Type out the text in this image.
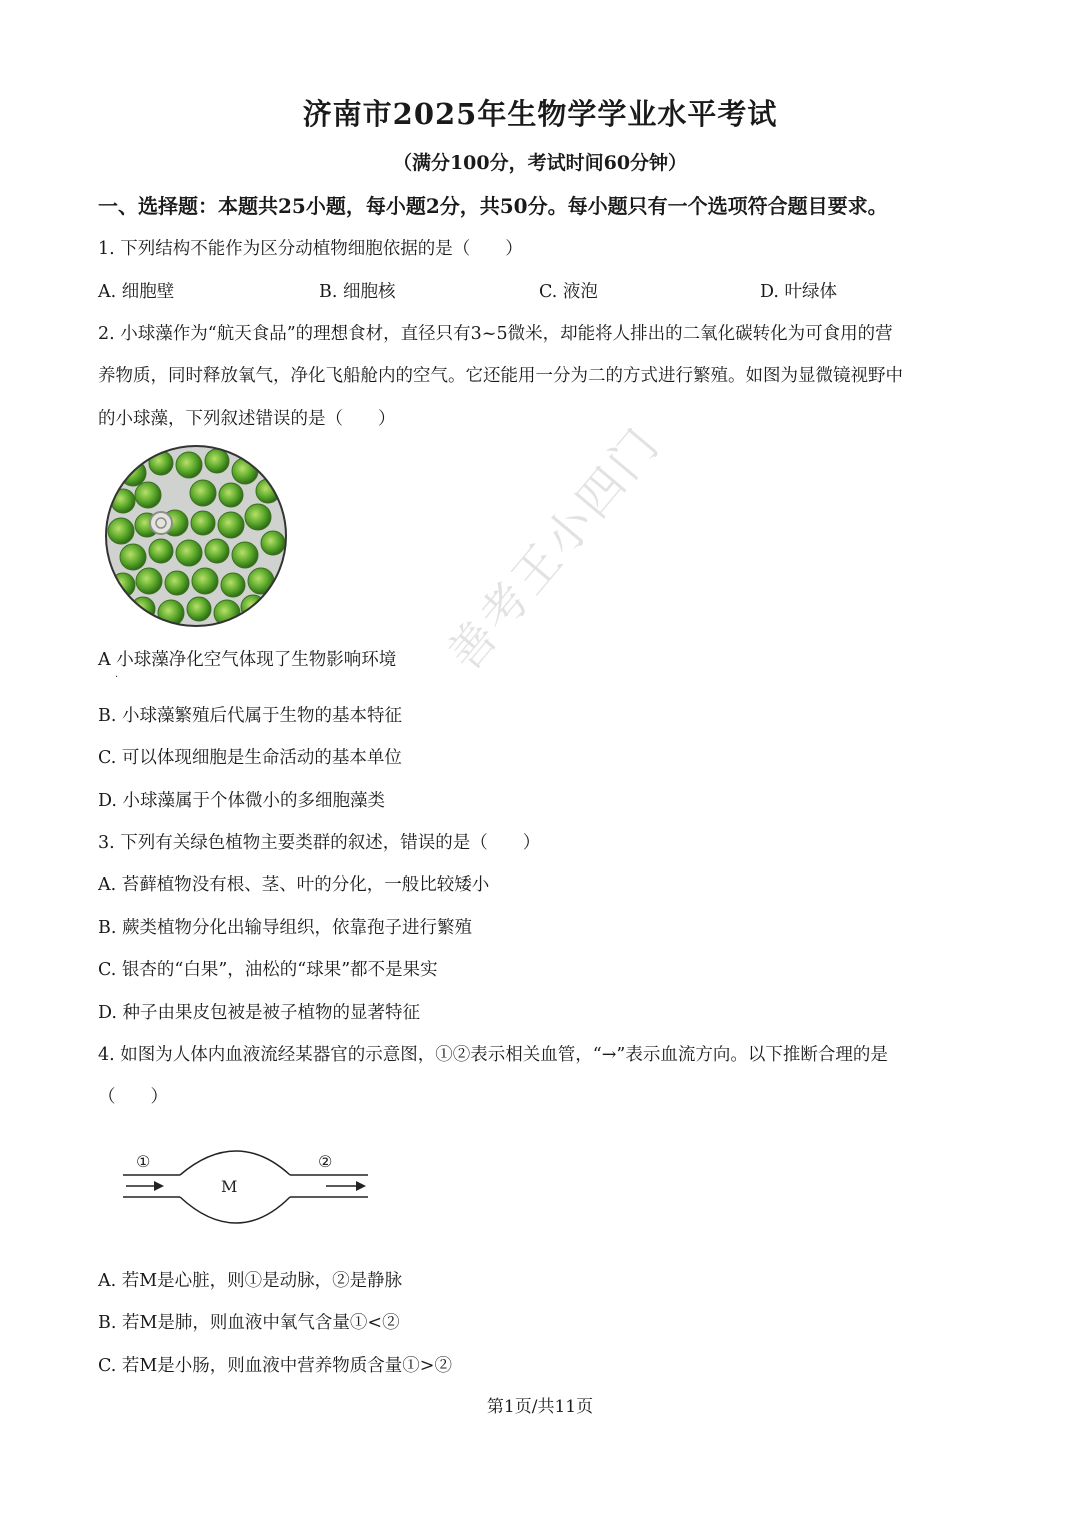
济南市2025年生物学学业水平考试
（满分100分，考试时间60分钟）
一、选择题：本题共25小题，每小题2分，共50分。每小题只有一个选项符合题目要求。
1. 下列结构不能作为区分动植物细胞依据的是（　　）
A. 细胞壁	B. 细胞核	C. 液泡	D. 叶绿体
2. 小球藻作为“航天食品”的理想食材，直径只有3~5微米，却能将人排出的二氧化碳转化为可食用的营
养物质，同时释放氧气，净化飞船舱内的空气。它还能用一分为二的方式进行繁殖。如图为显微镜视野中
的小球藻，下列叙述错误的是（　　）
A 小球藻净化空气体现了生物影响环境
·
B. 小球藻繁殖后代属于生物的基本特征
C. 可以体现细胞是生命活动的基本单位
D. 小球藻属于个体微小的多细胞藻类
3. 下列有关绿色植物主要类群的叙述，错误的是（　　）
A. 苔藓植物没有根、茎、叶的分化，一般比较矮小
B. 蕨类植物分化出输导组织，依靠孢子进行繁殖
C. 银杏的“白果”，油松的“球果”都不是果实
D. 种子由果皮包被是被子植物的显著特征
4. 如图为人体内血液流经某器官的示意图，①②表示相关血管，“→”表示血流方向。以下推断合理的是
（　　）
①	②
M
A. 若M是心脏，则①是动脉，②是静脉
B. 若M是肺，则血液中氧气含量①<②
C. 若M是小肠，则血液中营养物质含量①>②
善考王小四门
第1页/共11页
